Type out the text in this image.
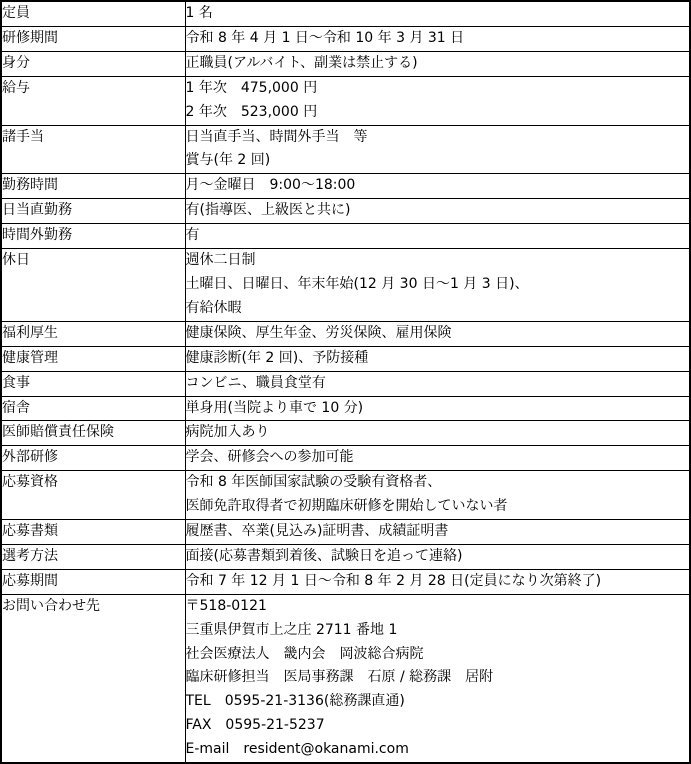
定員	1 名

研修期間	令和 8 年 4 月 1 日～令和 10 年 3 月 31 日

身分	正職員(アルバイト、副業は禁止する)

給与	1 年次　475,000 円
2 年次　523,000 円

諸手当	日当直手当、時間外手当　等
賞与(年 2 回)

勤務時間	月～金曜日　9:00～18:00

日当直勤務	有(指導医、上級医と共に)

時間外勤務	有

休日	週休二日制
土曜日、日曜日、年末年始(12 月 30 日～1 月 3 日)、
有給休暇

福利厚生	健康保険、厚生年金、労災保険、雇用保険

健康管理	健康診断(年 2 回)、予防接種

食事	コンビニ、職員食堂有

宿舎	単身用(当院より車で 10 分)

医師賠償責任保険	病院加入あり

外部研修	学会、研修会への参加可能

応募資格	令和 8 年医師国家試験の受験有資格者、
医師免許取得者で初期臨床研修を開始していない者

応募書類	履歴書、卒業(見込み)証明書、成績証明書

選考方法	面接(応募書類到着後、試験日を追って連絡)

応募期間	令和 7 年 12 月 1 日～令和 8 年 2 月 28 日(定員になり次第終了)

お問い合わせ先	〒518-0121
三重県伊賀市上之庄 2711 番地 1
社会医療法人　畿内会　岡波総合病院
臨床研修担当　医局事務課　石原 / 総務課　居附
TEL　0595-21-3136(総務課直通)
FAX　0595-21-5237
E-mail　resident@okanami.com
